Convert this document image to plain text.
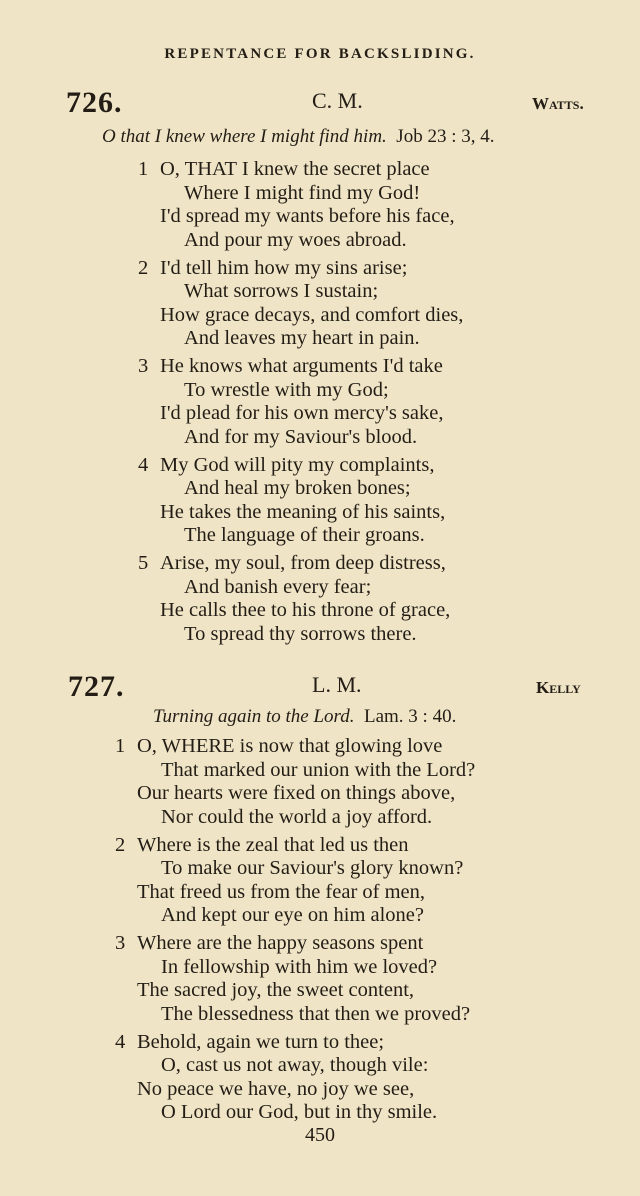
REPENTANCE FOR BACKSLIDING.
726.	C. M.	Watts.
O that I knew where I might find him. Job 23 : 3, 4.
1 O, THAT I knew the secret place
Where I might find my God!
I'd spread my wants before his face,
And pour my woes abroad.
2 I'd tell him how my sins arise;
What sorrows I sustain;
How grace decays, and comfort dies,
And leaves my heart in pain.
3 He knows what arguments I'd take
To wrestle with my God;
I'd plead for his own mercy's sake,
And for my Saviour's blood.
4 My God will pity my complaints,
And heal my broken bones;
He takes the meaning of his saints,
The language of their groans.
5 Arise, my soul, from deep distress,
And banish every fear;
He calls thee to his throne of grace,
To spread thy sorrows there.
727.	L. M.	Kelly
Turning again to the Lord. Lam. 3 : 40.
1 O, WHERE is now that glowing love
That marked our union with the Lord?
Our hearts were fixed on things above,
Nor could the world a joy afford.
2 Where is the zeal that led us then
To make our Saviour's glory known?
That freed us from the fear of men,
And kept our eye on him alone?
3 Where are the happy seasons spent
In fellowship with him we loved?
The sacred joy, the sweet content,
The blessedness that then we proved?
4 Behold, again we turn to thee;
O, cast us not away, though vile:
No peace we have, no joy we see,
O Lord our God, but in thy smile.
450
